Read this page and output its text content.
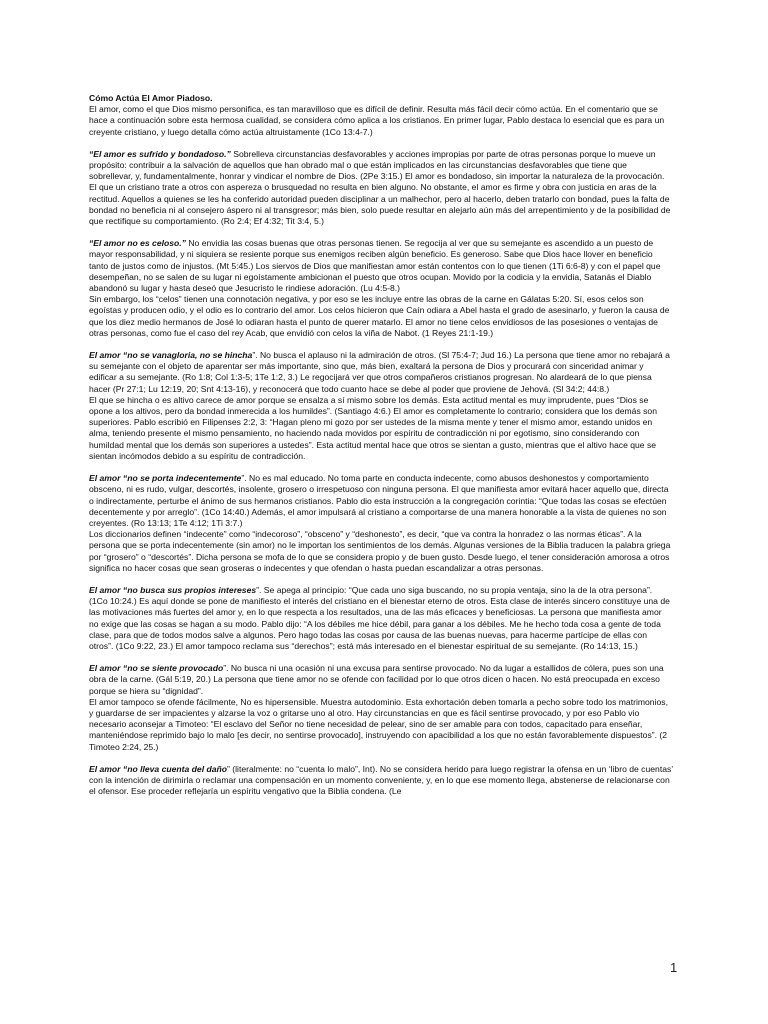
Cómo Actúa El Amor Piadoso.

El amor, como el que Dios mismo personifica, es tan maravilloso que es difícil de definir. Resulta más fácil decir cómo actúa. En el comentario que se hace a continuación sobre esta hermosa cualidad, se considera cómo aplica a los cristianos. En primer lugar, Pablo destaca lo esencial que es para un creyente cristiano, y luego detalla cómo actúa altruistamente (1Co 13:4-7.)

“El amor es sufrido y bondadoso.” Sobrelleva circunstancias desfavorables y acciones impropias por parte de otras personas porque lo mueve un propósito: contribuir a la salvación de aquellos que han obrado mal o que están implicados en las circunstancias desfavorables que tiene que sobrellevar, y, fundamentalmente, honrar y vindicar el nombre de Dios. (2Pe 3:15.) El amor es bondadoso, sin importar la naturaleza de la provocación. El que un cristiano trate a otros con aspereza o brusquedad no resulta en bien alguno. No obstante, el amor es firme y obra con justicia en aras de la rectitud. Aquellos a quienes se les ha conferido autoridad pueden disciplinar a un malhechor, pero al hacerlo, deben tratarlo con bondad, pues la falta de bondad no beneficia ni al consejero áspero ni al transgresor; más bien, solo puede resultar en alejarlo aún más del arrepentimiento y de la posibilidad de que rectifique su comportamiento. (Ro 2:4; Ef 4:32; Tit 3:4, 5.)

“El amor no es celoso.” No envidia las cosas buenas que otras personas tienen. Se regocija al ver que su semejante es ascendido a un puesto de mayor responsabilidad, y ni siquiera se resiente porque sus enemigos reciben algún beneficio. Es generoso. Sabe que Dios hace llover en beneficio tanto de justos como de injustos. (Mt 5:45.) Los siervos de Dios que manifiestan amor están contentos con lo que tienen (1Ti 6:6-8) y con el papel que desempeñan, no se salen de su lugar ni egoístamente ambicionan el puesto que otros ocupan. Movido por la codicia y la envidia, Satanás el Diablo abandonó su lugar y hasta deseó que Jesucristo le rindiese adoración. (Lu 4:5-8.)

Sin embargo, los “celos” tienen una connotación negativa, y por eso se les incluye entre las obras de la carne en Gálatas 5:20. Sí, esos celos son egoístas y producen odio, y el odio es lo contrario del amor. Los celos hicieron que Caín odiara a Abel hasta el grado de asesinarlo, y fueron la causa de que los diez medio hermanos de José lo odiaran hasta el punto de querer matarlo. El amor no tiene celos envidiosos de las posesiones o ventajas de otras personas, como fue el caso del rey Acab, que envidió con celos la viña de Nabot. (1 Reyes 21:1-19.)

El amor “no se vanagloria, no se hincha”. No busca el aplauso ni la admiración de otros. (Sl 75:4-7; Jud 16.) La persona que tiene amor no rebajará a su semejante con el objeto de aparentar ser más importante, sino que, más bien, exaltará la persona de Dios y procurará con sinceridad animar y edificar a su semejante. (Ro 1:8; Col 1:3-5; 1Te 1:2, 3.) Le regocijará ver que otros compañeros cristianos progresan. No alardeará de lo que piensa hacer (Pr 27:1; Lu 12:19, 20; Snt 4:13-16), y reconocerá que todo cuanto hace se debe al poder que proviene de Jehová. (Sl 34:2; 44:8.)

El que se hincha o es altivo carece de amor porque se ensalza a sí mismo sobre los demás. Esta actitud mental es muy imprudente, pues “Dios se opone a los altivos, pero da bondad inmerecida a los humildes”. (Santiago 4:6.) El amor es completamente lo contrario; considera que los demás son superiores. Pablo escribió en Filipenses 2:2, 3: “Hagan pleno mi gozo por ser ustedes de la misma mente y tener el mismo amor, estando unidos en alma, teniendo presente el mismo pensamiento, no haciendo nada movidos por espíritu de contradicción ni por egotismo, sino considerando con humildad mental que los demás son superiores a ustedes”. Esta actitud mental hace que otros se sientan a gusto, mientras que el altivo hace que se sientan incómodos debido a su espíritu de contradicción.

El amor “no se porta indecentemente”. No es mal educado. No toma parte en conducta indecente, como abusos deshonestos y comportamiento obsceno, ni es rudo, vulgar, descortés, insolente, grosero o irrespetuoso con ninguna persona. El que manifiesta amor evitará hacer aquello que, directa o indirectamente, perturbe el ánimo de sus hermanos cristianos. Pablo dio esta instrucción a la congregación corintia: “Que todas las cosas se efectúen decentemente y por arreglo”. (1Co 14:40.) Además, el amor impulsará al cristiano a comportarse de una manera honorable a la vista de quienes no son creyentes. (Ro 13:13; 1Te 4:12; 1Ti 3:7.)

Los diccionarios definen “indecente” como “indecoroso”, “obsceno” y “deshonesto”, es decir, “que va contra la honradez o las normas éticas”. A la persona que se porta indecentemente (sin amor) no le importan los sentimientos de los demás. Algunas versiones de la Biblia traducen la palabra griega por “grosero” o “descortés”. Dicha persona se mofa de lo que se considera propio y de buen gusto. Desde luego, el tener consideración amorosa a otros significa no hacer cosas que sean groseras o indecentes y que ofendan o hasta puedan escandalizar a otras personas.

El amor “no busca sus propios intereses”. Se apega al principio: “Que cada uno siga buscando, no su propia ventaja, sino la de la otra persona”. (1Co 10:24.) Es aquí donde se pone de manifiesto el interés del cristiano en el bienestar eterno de otros. Esta clase de interés sincero constituye una de las motivaciones más fuertes del amor y, en lo que respecta a los resultados, una de las más eficaces y beneficiosas. La persona que manifiesta amor no exige que las cosas se hagan a su modo. Pablo dijo: “A los débiles me hice débil, para ganar a los débiles. Me he hecho toda cosa a gente de toda clase, para que de todos modos salve a algunos. Pero hago todas las cosas por causa de las buenas nuevas, para hacerme partícipe de ellas con otros”. (1Co 9:22, 23.) El amor tampoco reclama sus “derechos”; está más interesado en el bienestar espiritual de su semejante. (Ro 14:13, 15.)

El amor “no se siente provocado”. No busca ni una ocasión ni una excusa para sentirse provocado. No da lugar a estallidos de cólera, pues son una obra de la carne. (Gál 5:19, 20.) La persona que tiene amor no se ofende con facilidad por lo que otros dicen o hacen. No está preocupada en exceso porque se hiera su “dignidad”.

El amor tampoco se ofende fácilmente, No es hipersensible. Muestra autodominio. Esta exhortación deben tomarla a pecho sobre todo los matrimonios, y guardarse de ser impacientes y alzarse la voz o gritarse uno al otro. Hay circunstancias en que es fácil sentirse provocado, y por eso Pablo vio necesario aconsejar a Timoteo: “El esclavo del Señor no tiene necesidad de pelear, sino de ser amable para con todos, capacitado para enseñar, manteniéndose reprimido bajo lo malo [es decir, no sentirse provocado], instruyendo con apacibilidad a los que no están favorablemente dispuestos”. (2 Timoteo 2:24, 25.)

El amor “no lleva cuenta del daño” (literalmente: no “cuenta lo malo”, Int). No se considera herido para luego registrar la ofensa en un ‘libro de cuentas’ con la intención de dirimirla o reclamar una compensación en un momento conveniente, y, en lo que ese momento llega, abstenerse de relacionarse con el ofensor. Ese proceder reflejaría un espíritu vengativo que la Biblia condena. (Le

1
